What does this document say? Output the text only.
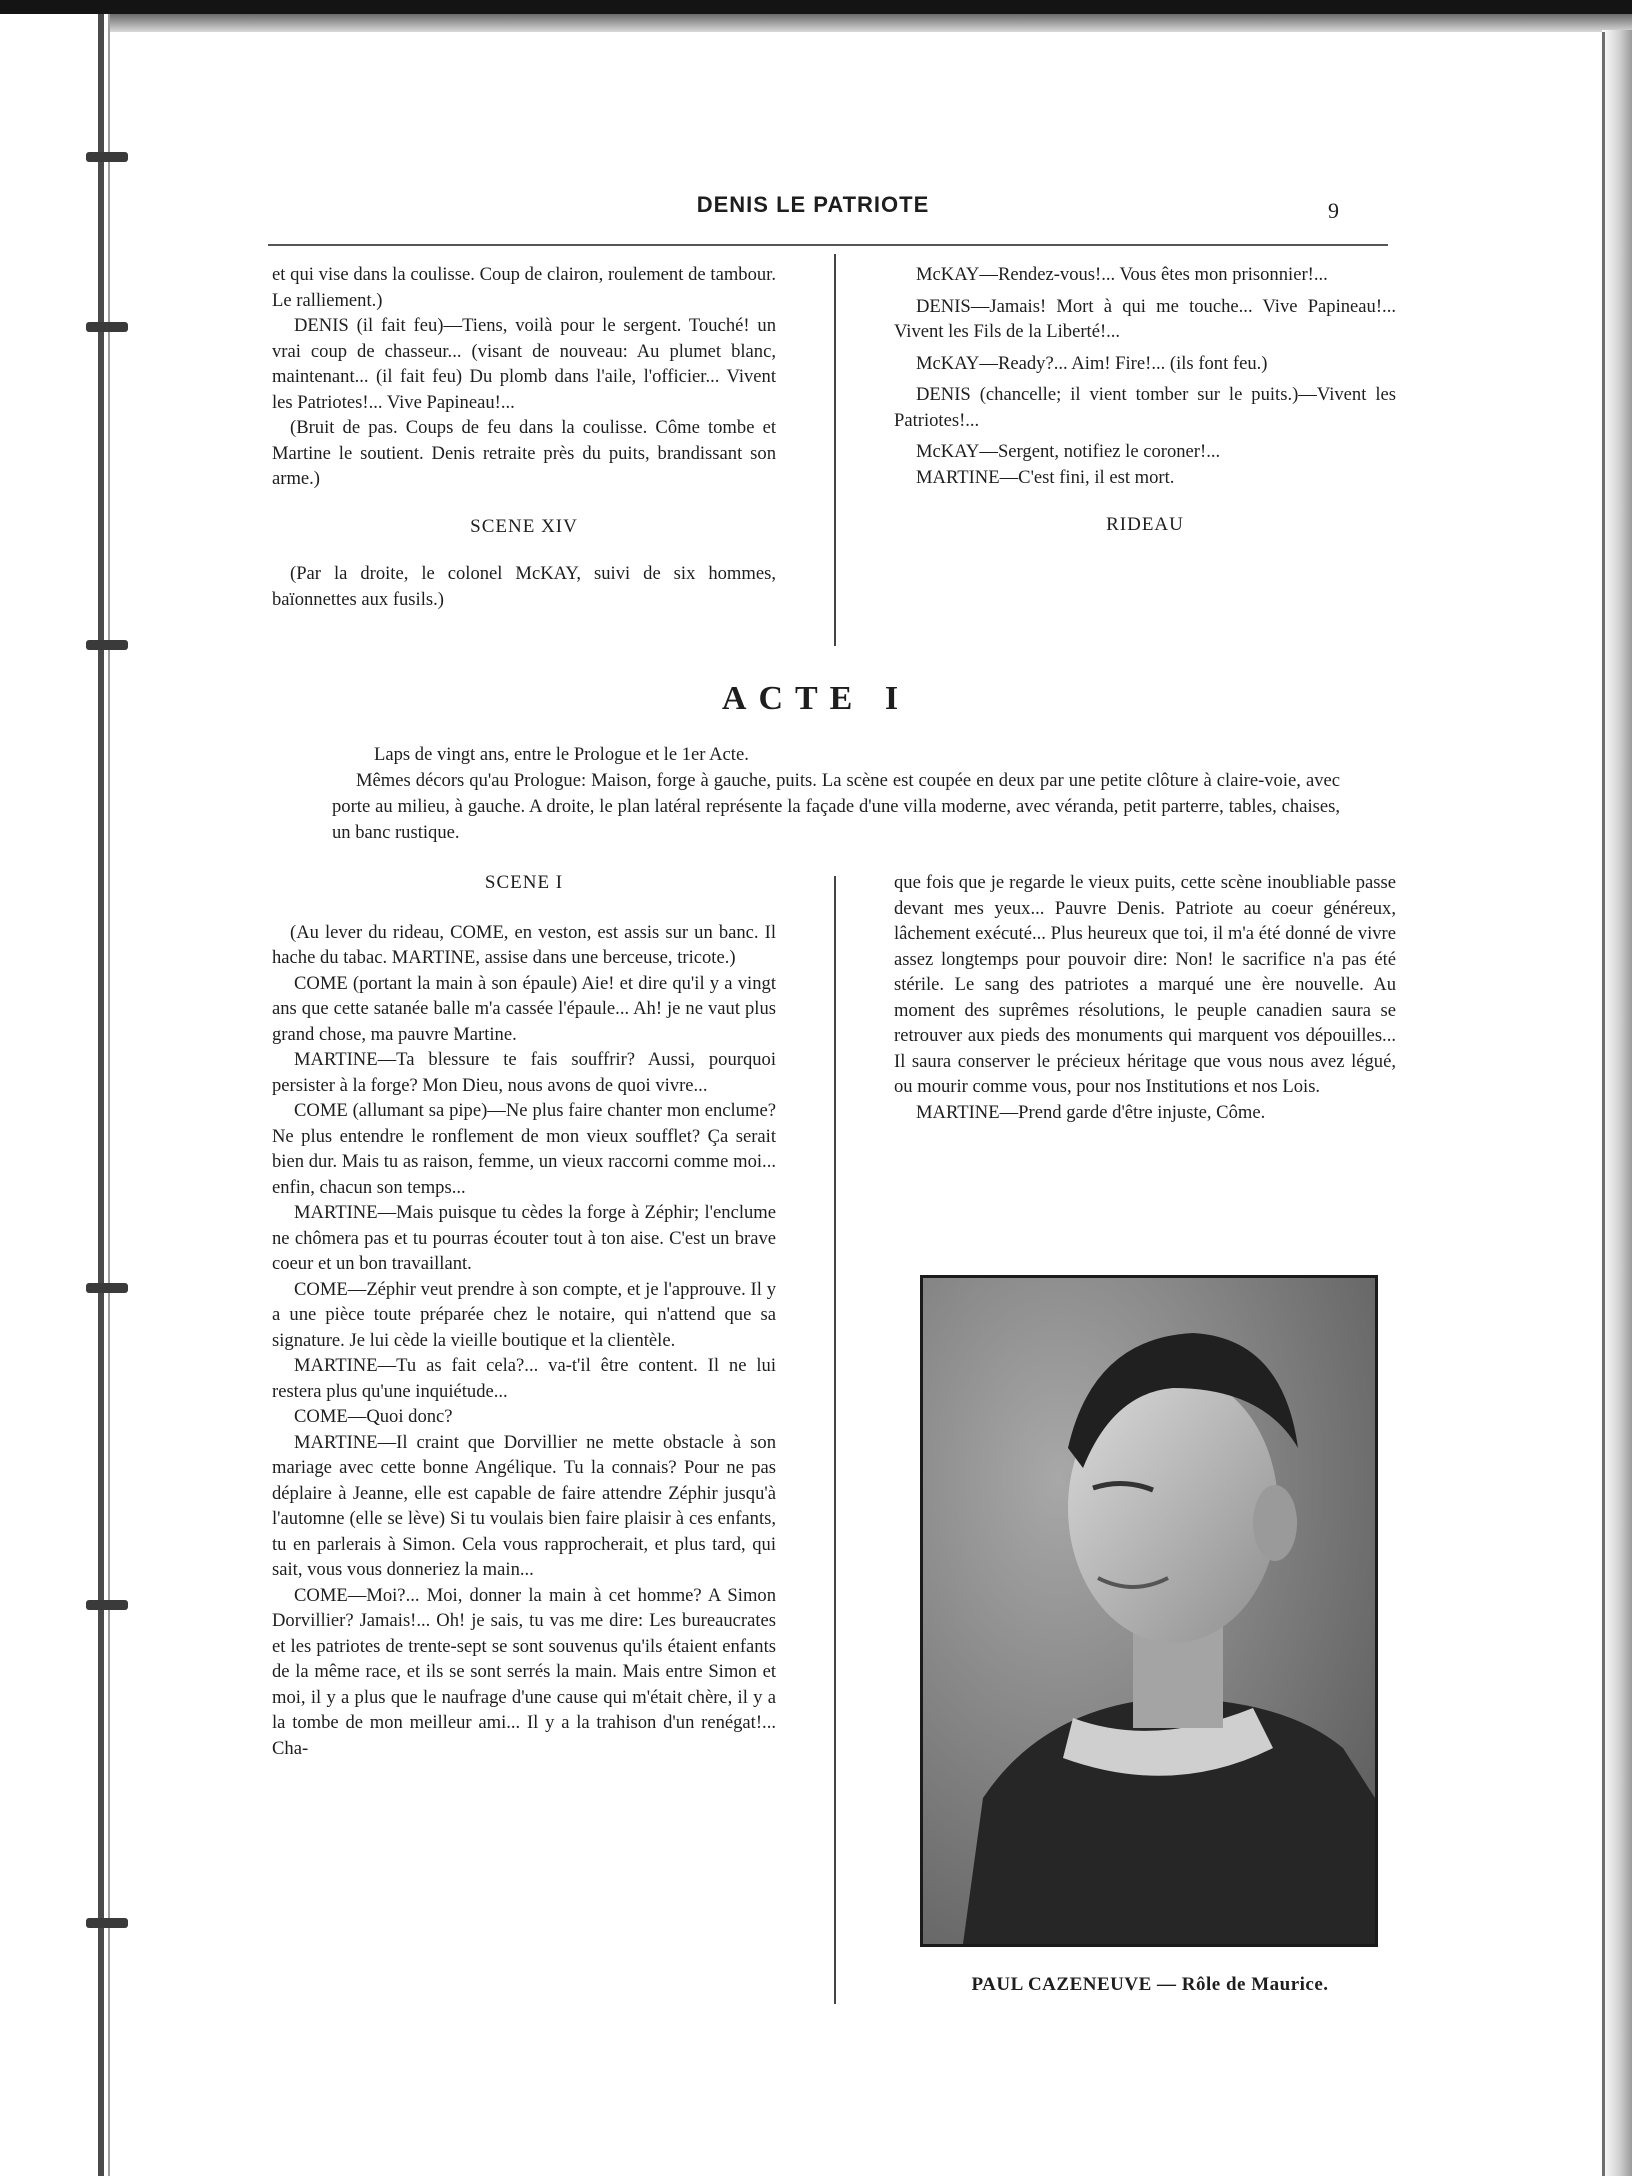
DENIS LE PATRIOTE	9

et qui vise dans la coulisse. Coup de clairon, roulement de tambour. Le ralliement.)

DENIS (il fait feu)—Tiens, voilà pour le sergent. Touché! un vrai coup de chasseur... (visant de nouveau: Au plumet blanc, maintenant... (il fait feu) Du plomb dans l'aile, l'officier... Vivent les Patriotes!... Vive Papineau!...

(Bruit de pas. Coups de feu dans la coulisse. Côme tombe et Martine le soutient. Denis retraite près du puits, brandissant son arme.)

SCENE XIV

(Par la droite, le colonel McKAY, suivi de six hommes, baïonnettes aux fusils.)

McKAY—Rendez-vous!... Vous êtes mon prisonnier!...

DENIS—Jamais! Mort à qui me touche... Vive Papineau!... Vivent les Fils de la Liberté!...

McKAY—Ready?... Aim! Fire!... (ils font feu.)

DENIS (chancelle; il vient tomber sur le puits.)—Vivent les Patriotes!...

McKAY—Sergent, notifiez le coroner!...

MARTINE—C'est fini, il est mort.

RIDEAU
ACTE I

Laps de vingt ans, entre le Prologue et le 1er Acte.

Mêmes décors qu'au Prologue: Maison, forge à gauche, puits. La scène est coupée en deux par une petite clôture à claire-voie, avec porte au milieu, à gauche. A droite, le plan latéral représente la façade d'une villa moderne, avec véranda, petit parterre, tables, chaises, un banc rustique.

SCENE I

(Au lever du rideau, COME, en veston, est assis sur un banc. Il hache du tabac. MARTINE, assise dans une berceuse, tricote.)

COME (portant la main à son épaule) Aie! et dire qu'il y a vingt ans que cette satanée balle m'a cassée l'épaule... Ah! je ne vaut plus grand chose, ma pauvre Martine.

MARTINE—Ta blessure te fais souffrir? Aussi, pourquoi persister à la forge? Mon Dieu, nous avons de quoi vivre...

COME (allumant sa pipe)—Ne plus faire chanter mon enclume? Ne plus entendre le ronflement de mon vieux soufflet? Ça serait bien dur. Mais tu as raison, femme, un vieux raccorni comme moi... enfin, chacun son temps...

MARTINE—Mais puisque tu cèdes la forge à Zéphir; l'enclume ne chômera pas et tu pourras écouter tout à ton aise. C'est un brave coeur et un bon travaillant.

COME—Zéphir veut prendre à son compte, et je l'approuve. Il y a une pièce toute préparée chez le notaire, qui n'attend que sa signature. Je lui cède la vieille boutique et la clientèle.

MARTINE—Tu as fait cela?... va-t'il être content. Il ne lui restera plus qu'une inquiétude...

COME—Quoi donc?

MARTINE—Il craint que Dorvillier ne mette obstacle à son mariage avec cette bonne Angélique. Tu la connais? Pour ne pas déplaire à Jeanne, elle est capable de faire attendre Zéphir jusqu'à l'automne (elle se lève) Si tu voulais bien faire plaisir à ces enfants, tu en parlerais à Simon. Cela vous rapprocherait, et plus tard, qui sait, vous vous donneriez la main...

COME—Moi?... Moi, donner la main à cet homme? A Simon Dorvillier? Jamais!... Oh! je sais, tu vas me dire: Les bureaucrates et les patriotes de trente-sept se sont souvenus qu'ils étaient enfants de la même race, et ils se sont serrés la main. Mais entre Simon et moi, il y a plus que le naufrage d'une cause qui m'était chère, il y a la tombe de mon meilleur ami... Il y a la trahison d'un renégat!... Cha-

que fois que je regarde le vieux puits, cette scène inoubliable passe devant mes yeux... Pauvre Denis. Patriote au coeur généreux, lâchement exécuté... Plus heureux que toi, il m'a été donné de vivre assez longtemps pour pouvoir dire: Non! le sacrifice n'a pas été stérile. Le sang des patriotes a marqué une ère nouvelle. Au moment des suprêmes résolutions, le peuple canadien saura se retrouver aux pieds des monuments qui marquent vos dépouilles... Il saura conserver le précieux héritage que vous nous avez légué, ou mourir comme vous, pour nos Institutions et nos Lois.

MARTINE—Prend garde d'être injuste, Côme.

PAUL CAZENEUVE — Rôle de Maurice.
